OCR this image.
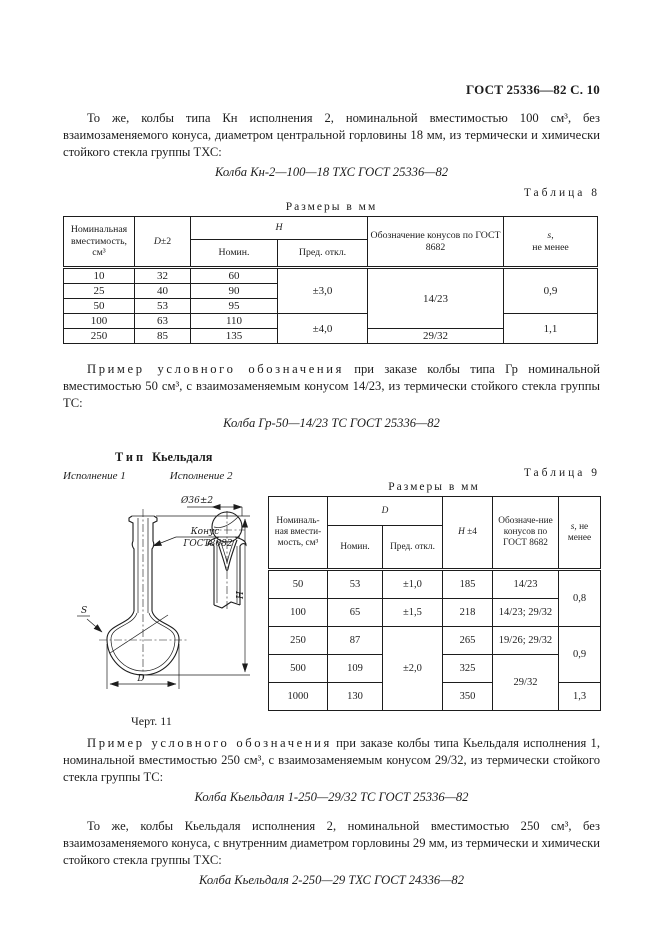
ГОСТ 25336—82 С. 10

То же, колбы типа Кн исполнения 2, номинальной вместимостью 100 см³, без взаимозаменяемого конуса, диаметром центральной горловины 18 мм, из термически и химически стойкого стекла группы ТХС:

Колба Кн-2—100—18 ТХС ГОСТ 25336—82
Таблица 8
Размеры в мм
Номинальная вместимость, см³	D±2	H		Обозначение конусов по ГОСТ 8682	s,
не менее

		Номин.	Пред. откл.		
10	32	60	±3,0	14/23	0,9
25	40	90			
50	53	95			
100	63	110	±4,0		1,1
250	85	135		29/32	

Пример условного обозначения при заказе колбы типа Гр номинальной вместимостью 50 см³, с взаимозаменяемым конусом 14/23, из термически стойкого стекла группы ТС:

Колба Гр-50—14/23 ТС ГОСТ 25336—82
Тип Кьельдаля
Исполнение 1	Исполнение 2
Конус
ГОСТ8682
H
D
S
Ø36±2
Черт. 11
Таблица 9
Размеры в мм
Номиналь-ная вмести-мость, см³	D		H ±4	Обозначе-ние конусов по ГОСТ 8682	s, не менее
	Номин.	Пред. откл.			
50	53	±1,0	185	14/23	0,8
100	65	±1,5	218	14/23; 29/32	
250	87	±2,0	265	19/26; 29/32	0,9
500	109		325	29/32	
1000	130		350		1,3

Пример условного обозначения при заказе колбы типа Кьельдаля исполнения 1, номинальной вместимостью 250 см³, с взаимозаменяемым конусом 29/32, из термически стойкого стекла группы ТС:

Колба Кьельдаля 1-250—29/32 ТС ГОСТ 25336—82

То же, колбы Кьельдаля исполнения 2, номинальной вместимостью 250 см³, без взаимозаменяемого конуса, с внутренним диаметром горловины 29 мм, из термически и химически стойкого стекла группы ТХС:

Колба Кьельдаля 2-250—29 ТХС ГОСТ 24336—82
